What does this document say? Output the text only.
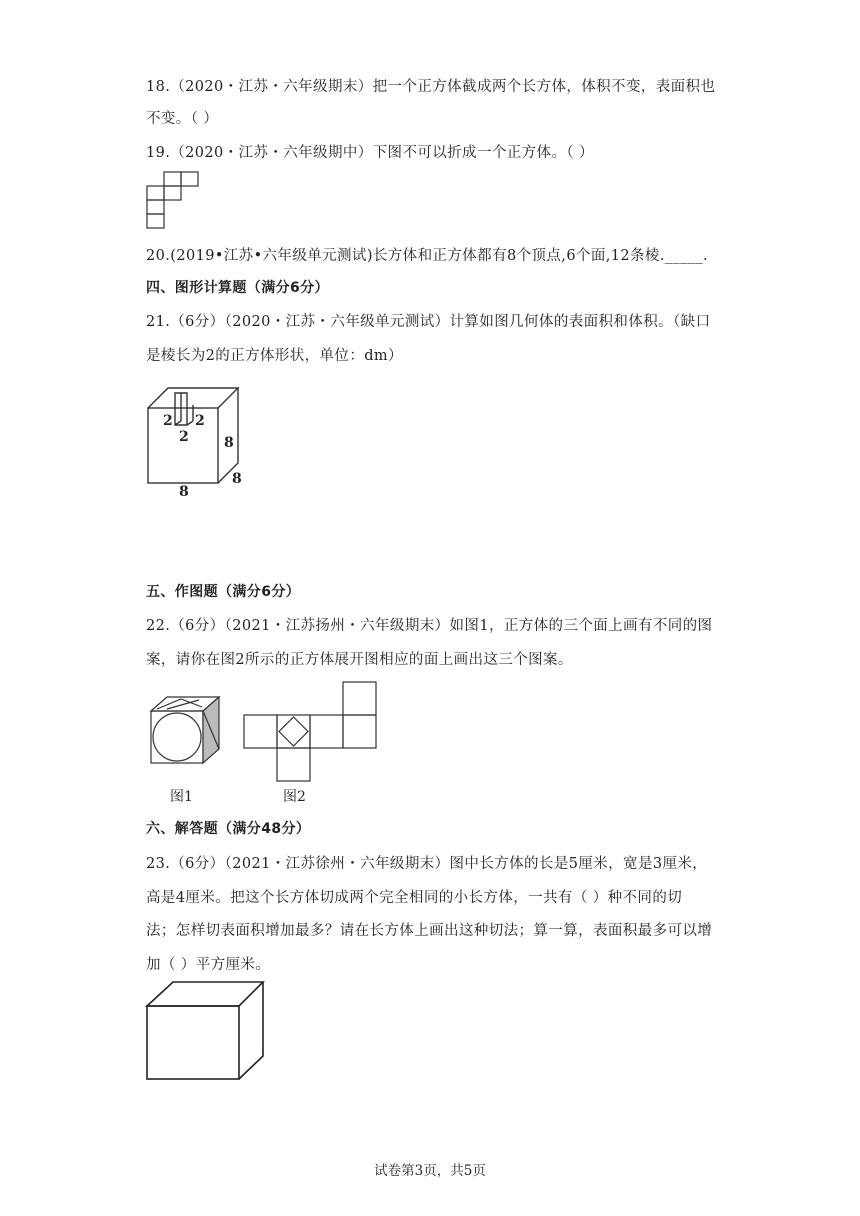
18.（2020・江苏・六年级期末）把一个正方体截成两个长方体，体积不变，表面积也
不变。（ ）
19.（2020・江苏・六年级期中）下图不可以折成一个正方体。（ ）
20.(2019•江苏•六年级单元测试)长方体和正方体都有8个顶点,6个面,12条棱._____.
四、图形计算题（满分6分）
21.（6分）（2020・江苏・六年级单元测试）计算如图几何体的表面积和体积。（缺口
是棱长为2的正方体形状，单位：dm）
2 2
2	8
8
8
五、作图题（满分6分）
22.（6分）（2021・江苏扬州・六年级期末）如图1，正方体的三个面上画有不同的图
案，请你在图2所示的正方体展开图相应的面上画出这三个图案。
图1	图2
六、解答题（满分48分）
23.（6分）（2021・江苏徐州・六年级期末）图中长方体的长是5厘米，宽是3厘米，
高是4厘米。把这个长方体切成两个完全相同的小长方体，一共有（ ）种不同的切
法；怎样切表面积增加最多？请在长方体上画出这种切法；算一算，表面积最多可以增
加（ ）平方厘米。
试卷第3页，共5页
